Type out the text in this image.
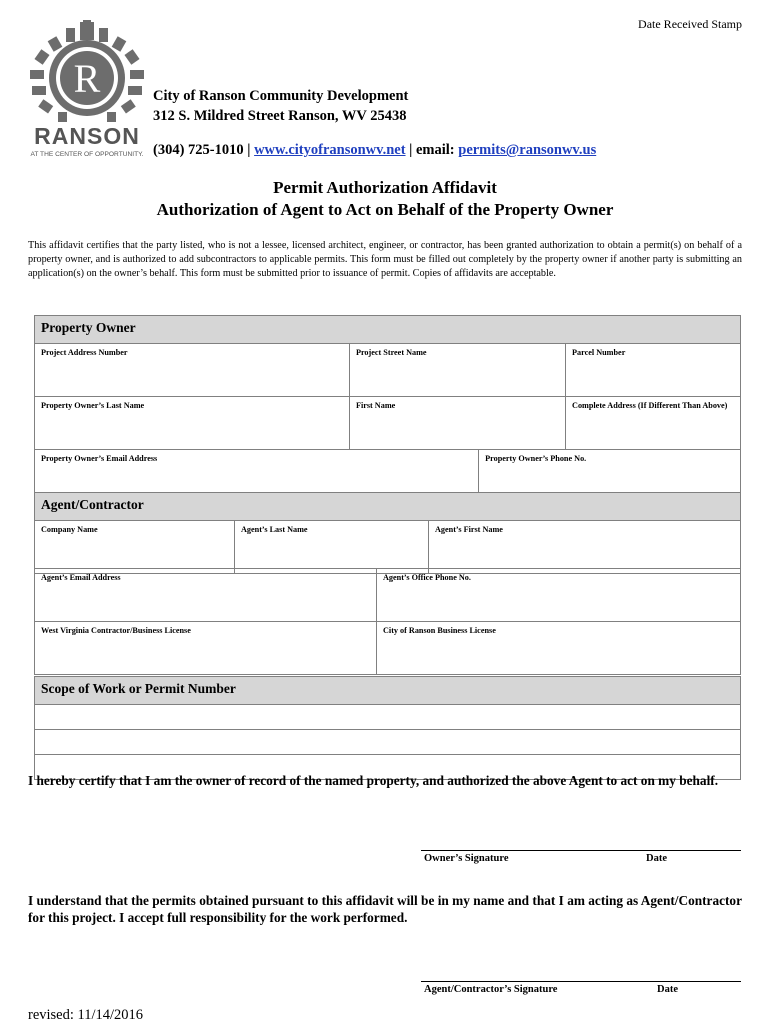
Date Received Stamp
R
RANSON
AT THE CENTER OF OPPORTUNITY.
City of Ranson Community Development
312 S. Mildred Street Ranson, WV 25438
(304) 725-1010 | www.cityofransonwv.net | email: permits@ransonwv.us
Permit Authorization Affidavit
Authorization of Agent to Act on Behalf of the Property Owner
This affidavit certifies that the party listed, who is not a lessee, licensed architect, engineer, or contractor, has been granted authorization to obtain a permit(s) on behalf of a property owner, and is authorized to add subcontractors to applicable permits. This form must be filled out completely by the property owner if another party is submitting an application(s) on the owner’s behalf. This form must be submitted prior to issuance of permit. Copies of affidavits are acceptable.
Property Owner			
Project Address Number	Project Street Name		Parcel Number
Property Owner’s Last Name	First Name		Complete Address (If Different Than Above)
Property Owner’s Email Address		Property Owner’s Phone No.	
Agent/Contractor
Company Name	Agent’s Last Name	Agent’s First Name
Agent’s Email Address	Agent’s Office Phone No.
West Virginia Contractor/Business License	City of Ranson Business License
Scope of Work or Permit Number

I hereby certify that I am the owner of record of the named property, and authorized the above Agent to act on my behalf.
Owner’s Signature	Date
I understand that the permits obtained pursuant to this affidavit will be in my name and that I am acting as Agent/Contractor for this project. I accept full responsibility for the work performed.
Agent/Contractor’s Signature	Date
revised: 11/14/2016
